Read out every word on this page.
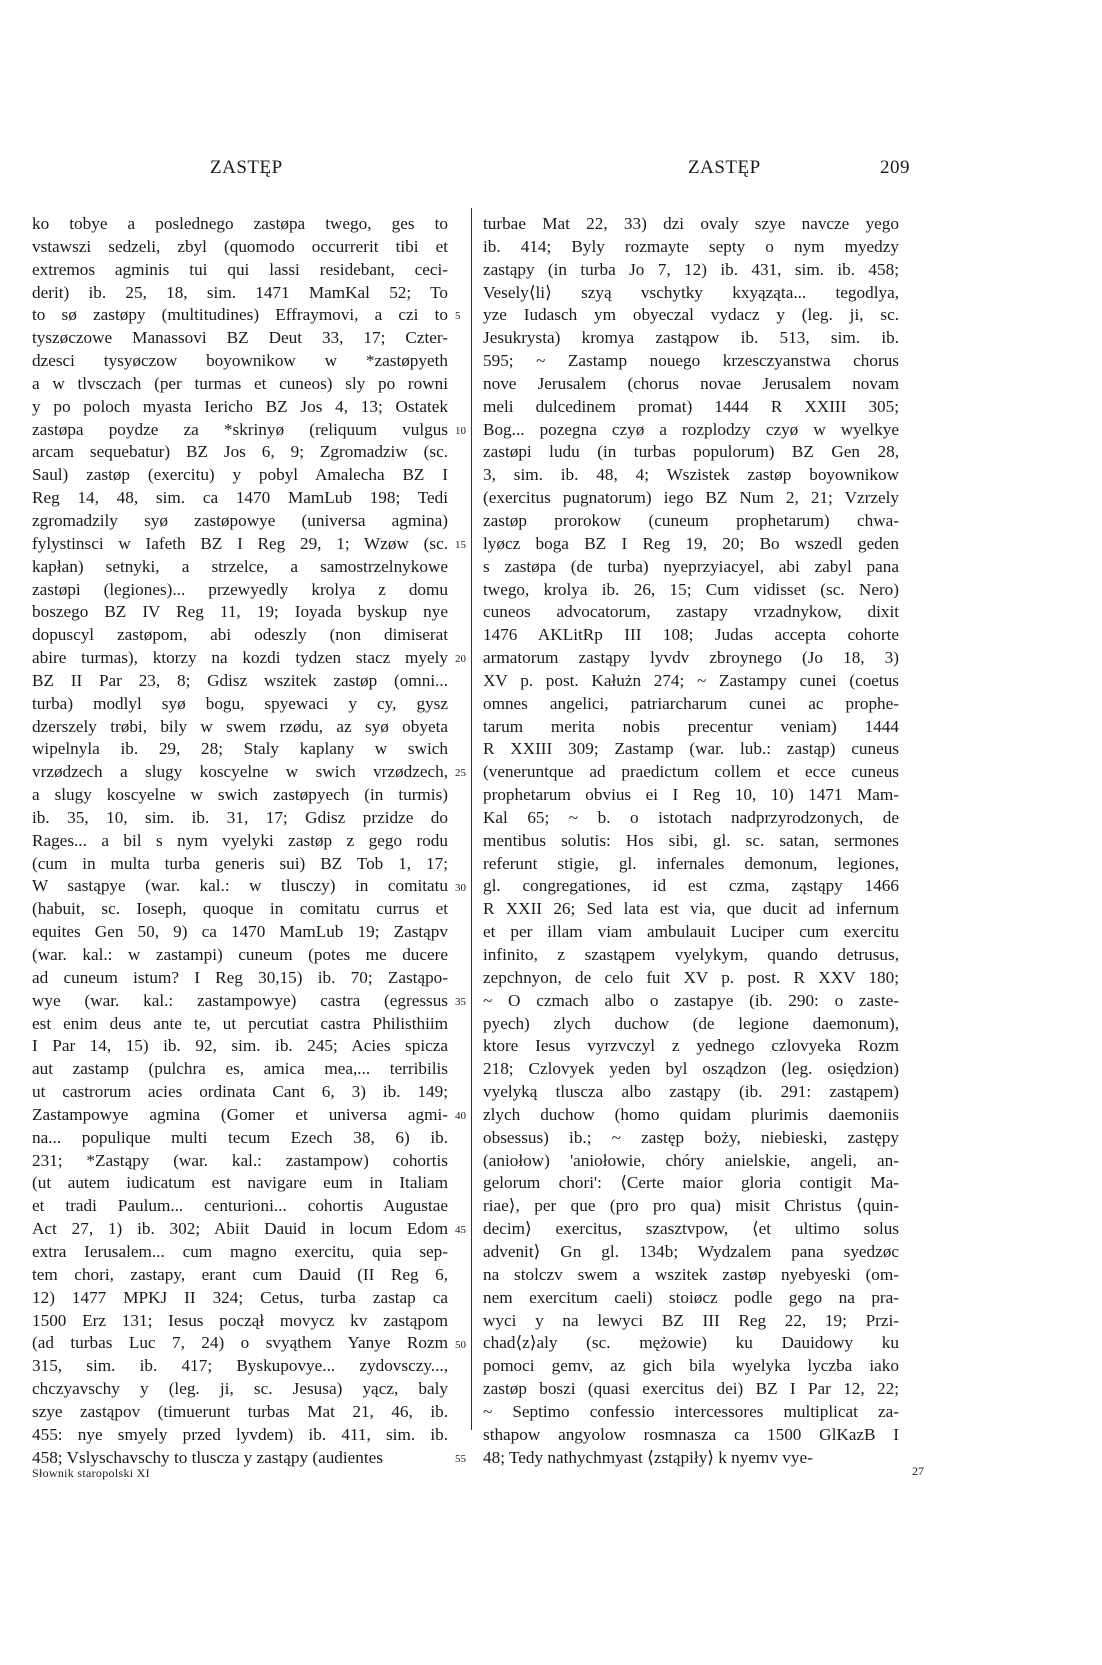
ZASTĘP	ZASTĘP	209
ko tobye a poslednego zastøpa twego, ges to
vstawszi sedzeli, zbyl (quomodo occurrerit tibi et
extremos agminis tui qui lassi residebant, ceci-
derit) ib. 25, 18, sim. 1471 MamKal 52; To
to sø zastøpy (multitudines) Effraymovi, a czi to
tyszøczowe Manassovi BZ Deut 33, 17; Czter-
dzesci tysyøczow boyownikow w *zastøpyeth
a w tlvsczach (per turmas et cuneos) sly po rowni
y po poloch myasta Iericho BZ Jos 4, 13; Ostatek
zastøpa poydze za *skrinyø (reliquum vulgus
arcam sequebatur) BZ Jos 6, 9; Zgromadziw (sc.
Saul) zastøp (exercitu) y pobyl Amalecha BZ I
Reg 14, 48, sim. ca 1470 MamLub 198; Tedi
zgromadzily syø zastøpowye (universa agmina)
fylystinsci w Iafeth BZ I Reg 29, 1; Wzøw (sc.
kapłan) setnyki, a strzelce, a samostrzelnykowe
zastøpi (legiones)... przewyedly krolya z domu
boszego BZ IV Reg 11, 19; Ioyada byskup nye
dopuscyl zastøpom, abi odeszly (non dimiserat
abire turmas), ktorzy na kozdi tydzen stacz myely
BZ II Par 23, 8; Gdisz wszitek zastøp (omni...
turba) modlyl syø bogu, spyewaci y cy, gysz
dzerszely trøbi, bily w swem rzødu, az syø obyeta
wipelnyla ib. 29, 28; Staly kaplany w swich
vrzødzech a slugy koscyelne w swich vrzødzech,
a slugy koscyelne w swich zastøpyech (in turmis)
ib. 35, 10, sim. ib. 31, 17; Gdisz przidze do
Rages... a bil s nym vyelyki zastøp z gego rodu
(cum in multa turba generis sui) BZ Tob 1, 17;
W sastąpye (war. kal.: w tlusczy) in comitatu
(habuit, sc. Ioseph, quoque in comitatu currus et
equites Gen 50, 9) ca 1470 MamLub 19; Zastąpv
(war. kal.: w zastampi) cuneum (potes me ducere
ad cuneum istum? I Reg 30,15) ib. 70; Zastąpo-
wye (war. kal.: zastampowye) castra (egressus
est enim deus ante te, ut percutiat castra Philisthiim
I Par 14, 15) ib. 92, sim. ib. 245; Acies spicza
aut zastamp (pulchra es, amica mea,... terribilis
ut castrorum acies ordinata Cant 6, 3) ib. 149;
Zastampowye agmina (Gomer et universa agmi-
na... populique multi tecum Ezech 38, 6) ib.
231; *Zastąpy (war. kal.: zastampow) cohortis
(ut autem iudicatum est navigare eum in Italiam
et tradi Paulum... centurioni... cohortis Augustae
Act 27, 1) ib. 302; Abiit Dauid in locum Edom
extra Ierusalem... cum magno exercitu, quia sep-
tem chori, zastapy, erant cum Dauid (II Reg 6,
12) 1477 MPKJ II 324; Cetus, turba zastap ca
1500 Erz 131; Iesus począł movycz kv zastąpom
(ad turbas Luc 7, 24) o svyąthem Yanye Rozm
315, sim. ib. 417; Byskupovye... zydovsczy...,
chczyavschy y (leg. ji, sc. Jesusa) yącz, baly
szye zastąpov (timuerunt turbas Mat 21, 46, ib.
455: nye smyely przed lyvdem) ib. 411, sim. ib.
458; Vslyschavschy to tluscza y zastąpy (audientes
5
10
15
20
25
30
35
40
45
50
55
turbae Mat 22, 33) dzi ovaly szye navcze yego
ib. 414; Byly rozmayte septy o nym myedzy
zastąpy (in turba Jo 7, 12) ib. 431, sim. ib. 458;
Vesely⟨li⟩ szyą vschytky kxyąząta... tegodlya,
yze Iudasch ym obyeczal vydacz y (leg. ji, sc.
Jesukrysta) kromya zastąpow ib. 513, sim. ib.
595; ~ Zastamp nouego krzesczyanstwa chorus
nove Jerusalem (chorus novae Jerusalem novam
meli dulcedinem promat) 1444 R XXIII 305;
Bog... pozegna czyø a rozplodzy czyø w wyelkye
zastøpi ludu (in turbas populorum) BZ Gen 28,
3, sim. ib. 48, 4; Wszistek zastøp boyownikow
(exercitus pugnatorum) iego BZ Num 2, 21; Vzrzely
zastøp prorokow (cuneum prophetarum) chwa-
lyøcz boga BZ I Reg 19, 20; Bo wszedl geden
s zastøpa (de turba) nyeprzyiacyel, abi zabyl pana
twego, krolya ib. 26, 15; Cum vidisset (sc. Nero)
cuneos advocatorum, zastapy vrzadnykow, dixit
1476 AKLitRp III 108; Judas accepta cohorte
armatorum zastąpy lyvdv zbroynego (Jo 18, 3)
XV p. post. Kałużn 274; ~ Zastampy cunei (coetus
omnes angelici, patriarcharum cunei ac prophe-
tarum merita nobis precentur veniam) 1444
R XXIII 309; Zastamp (war. lub.: zastąp) cuneus
(veneruntque ad praedictum collem et ecce cuneus
prophetarum obvius ei I Reg 10, 10) 1471 Mam-
Kal 65; ~ b. o istotach nadprzyrodzonych, de
mentibus solutis: Hos sibi, gl. sc. satan, sermones
referunt stigie, gl. infernales demonum, legiones,
gl. congregationes, id est czma, ząstąpy 1466
R XXII 26; Sed lata est via, que ducit ad infernum
et per illam viam ambulauit Luciper cum exercitu
infinito, z szastąpem vyelykym, quando detrusus,
zepchnyon, de celo fuit XV p. post. R XXV 180;
~ O czmach albo o zastapye (ib. 290: o zaste-
pyech) zlych duchow (de legione daemonum),
ktore Iesus vyrzvczyl z yednego czlovyeka Rozm
218; Czlovyek yeden byl osządzon (leg. osiędzion)
vyelyką tluscza albo zastąpy (ib. 291: zastąpem)
zlych duchow (homo quidam plurimis daemoniis
obsessus) ib.; ~ zastęp boży, niebieski, zastępy
(aniołow) 'aniołowie, chóry anielskie, angeli, an-
gelorum chori': ⟨Certe maior gloria contigit Ma-
riae⟩, per que (pro pro qua) misit Christus ⟨quin-
decim⟩ exercitus, szasztvpow, ⟨et ultimo solus
advenit⟩ Gn gl. 134b; Wydzalem pana syedzøc
na stolczv swem a wszitek zastøp nyebyeski (om-
nem exercitum caeli) stoiøcz podle gego na pra-
wyci y na lewyci BZ III Reg 22, 19; Przi-
chad⟨z⟩aly (sc. mężowie) ku Dauidowy ku
pomoci gemv, az gich bila wyelyka lyczba iako
zastøp boszi (quasi exercitus dei) BZ I Par 12, 22;
~ Septimo confessio intercessores multiplicat za-
sthapow angyolow rosmnasza ca 1500 GlKazB I
48; Tedy nathychmyast ⟨zstąpiły⟩ k nyemv vye-
Słownik staropolski XI	27
